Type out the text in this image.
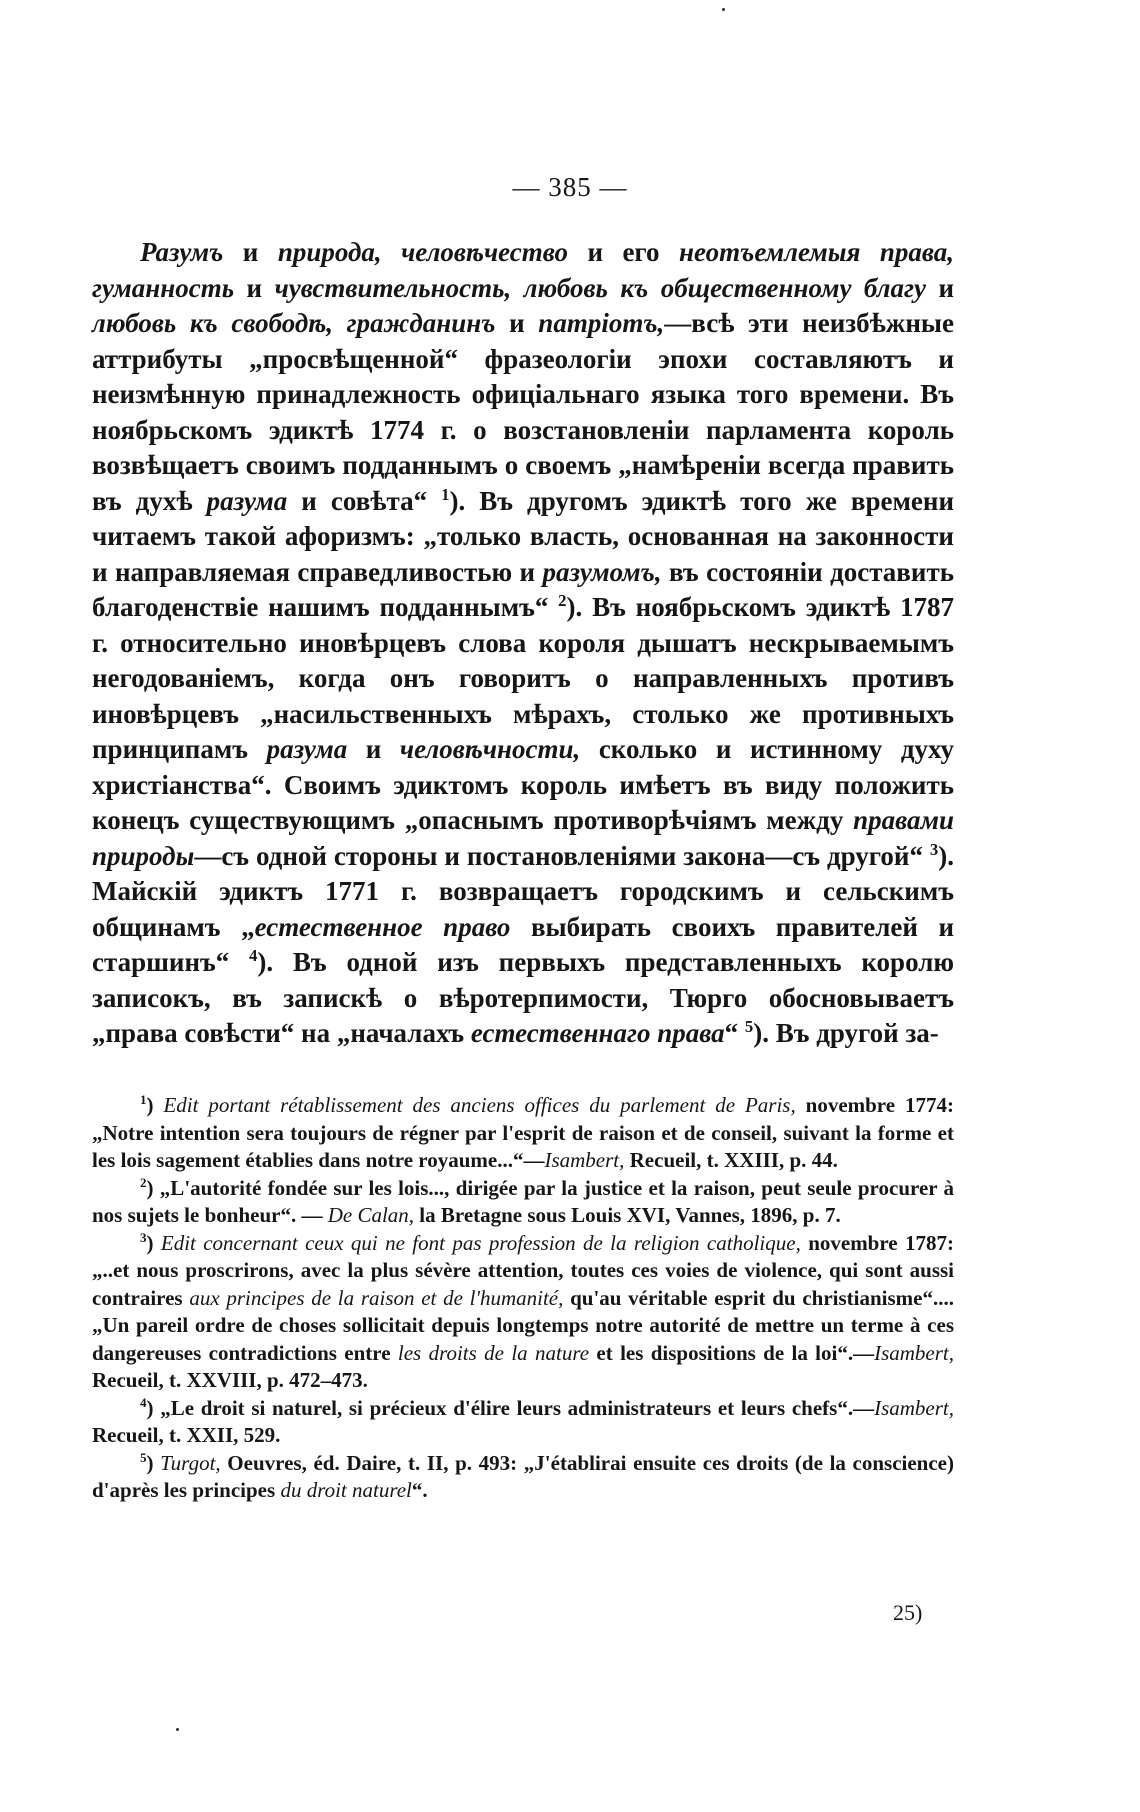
— 385 —

Разумъ и природа, человѣчество и его неотъемлемыя права, гуманность и чувствительность, любовь къ общественному благу и любовь къ свободѣ, гражданинъ и патріотъ,—всѣ эти неизбѣжные аттрибуты „просвѣщенной“ фразеологіи эпохи составляютъ и неизмѣнную принадлежность офиціальнаго языка того времени. Въ ноябрьскомъ эдиктѣ 1774 г. о возстановленіи парламента король возвѣщаетъ своимъ подданнымъ о своемъ „намѣреніи всегда править въ духѣ разума и совѣта“ $^1$). Въ другомъ эдиктѣ того же времени читаемъ такой афоризмъ: „только власть, основанная на законности и направляемая справедливостью и разумомъ, въ состояніи доставить благоденствіе нашимъ подданнымъ“ $^2$). Въ ноябрьскомъ эдиктѣ 1787 г. относительно иновѣрцевъ слова короля дышатъ нескрываемымъ негодованіемъ, когда онъ говоритъ о направленныхъ противъ иновѣрцевъ „насильственныхъ мѣрахъ, столько же противныхъ принципамъ разума и человѣчности, сколько и истинному духу христіанства“. Своимъ эдиктомъ король имѣетъ въ виду положить конецъ существующимъ „опаснымъ противорѣчіямъ между правами природы—съ одной стороны и постановленіями закона—съ другой“ $^3$). Майскій эдиктъ 1771 г. возвращаетъ городскимъ и сельскимъ общинамъ „естественное право выбирать своихъ правителей и старшинъ“ $^4$). Въ одной изъ первыхъ представленныхъ королю записокъ, въ запискѣ о вѣротерпимости, Тюрго обосновываетъ „права совѣсти“ на „началахъ естественнаго права“ $^5$). Въ другой за-

$^1$) Edit portant rétablissement des anciens offices du parlement de Paris, novembre 1774: „Notre intention sera toujours de régner par l'esprit de raison et de conseil, suivant la forme et les lois sagement établies dans notre royaume...“—Isambert, Recueil, t. XXIII, p. 44.

$^2$) „L'autorité fondée sur les lois..., dirigée par la justice et la raison, peut seule procurer à nos sujets le bonheur“. — De Calan, la Bretagne sous Louis XVI, Vannes, 1896, p. 7.

$^3$) Edit concernant ceux qui ne font pas profession de la religion catholique, novembre 1787: „..et nous proscrirons, avec la plus sévère attention, toutes ces voies de violence, qui sont aussi contraires aux principes de la raison et de l'humanité, qu'au véritable esprit du christianisme“.... „Un pareil ordre de choses sollicitait depuis longtemps notre autorité de mettre un terme à ces dangereuses contradictions entre les droits de la nature et les dispositions de la loi“.—Isambert, Recueil, t. XXVIII, p. 472–473.

$^4$) „Le droit si naturel, si précieux d'élire leurs administrateurs et leurs chefs“.—Isambert, Recueil, t. XXII, 529.

$^5$) Turgot, Oeuvres, éd. Daire, t. II, p. 493: „J'établirai ensuite ces droits (de la conscience) d'après les principes du droit naturel“.

25)
